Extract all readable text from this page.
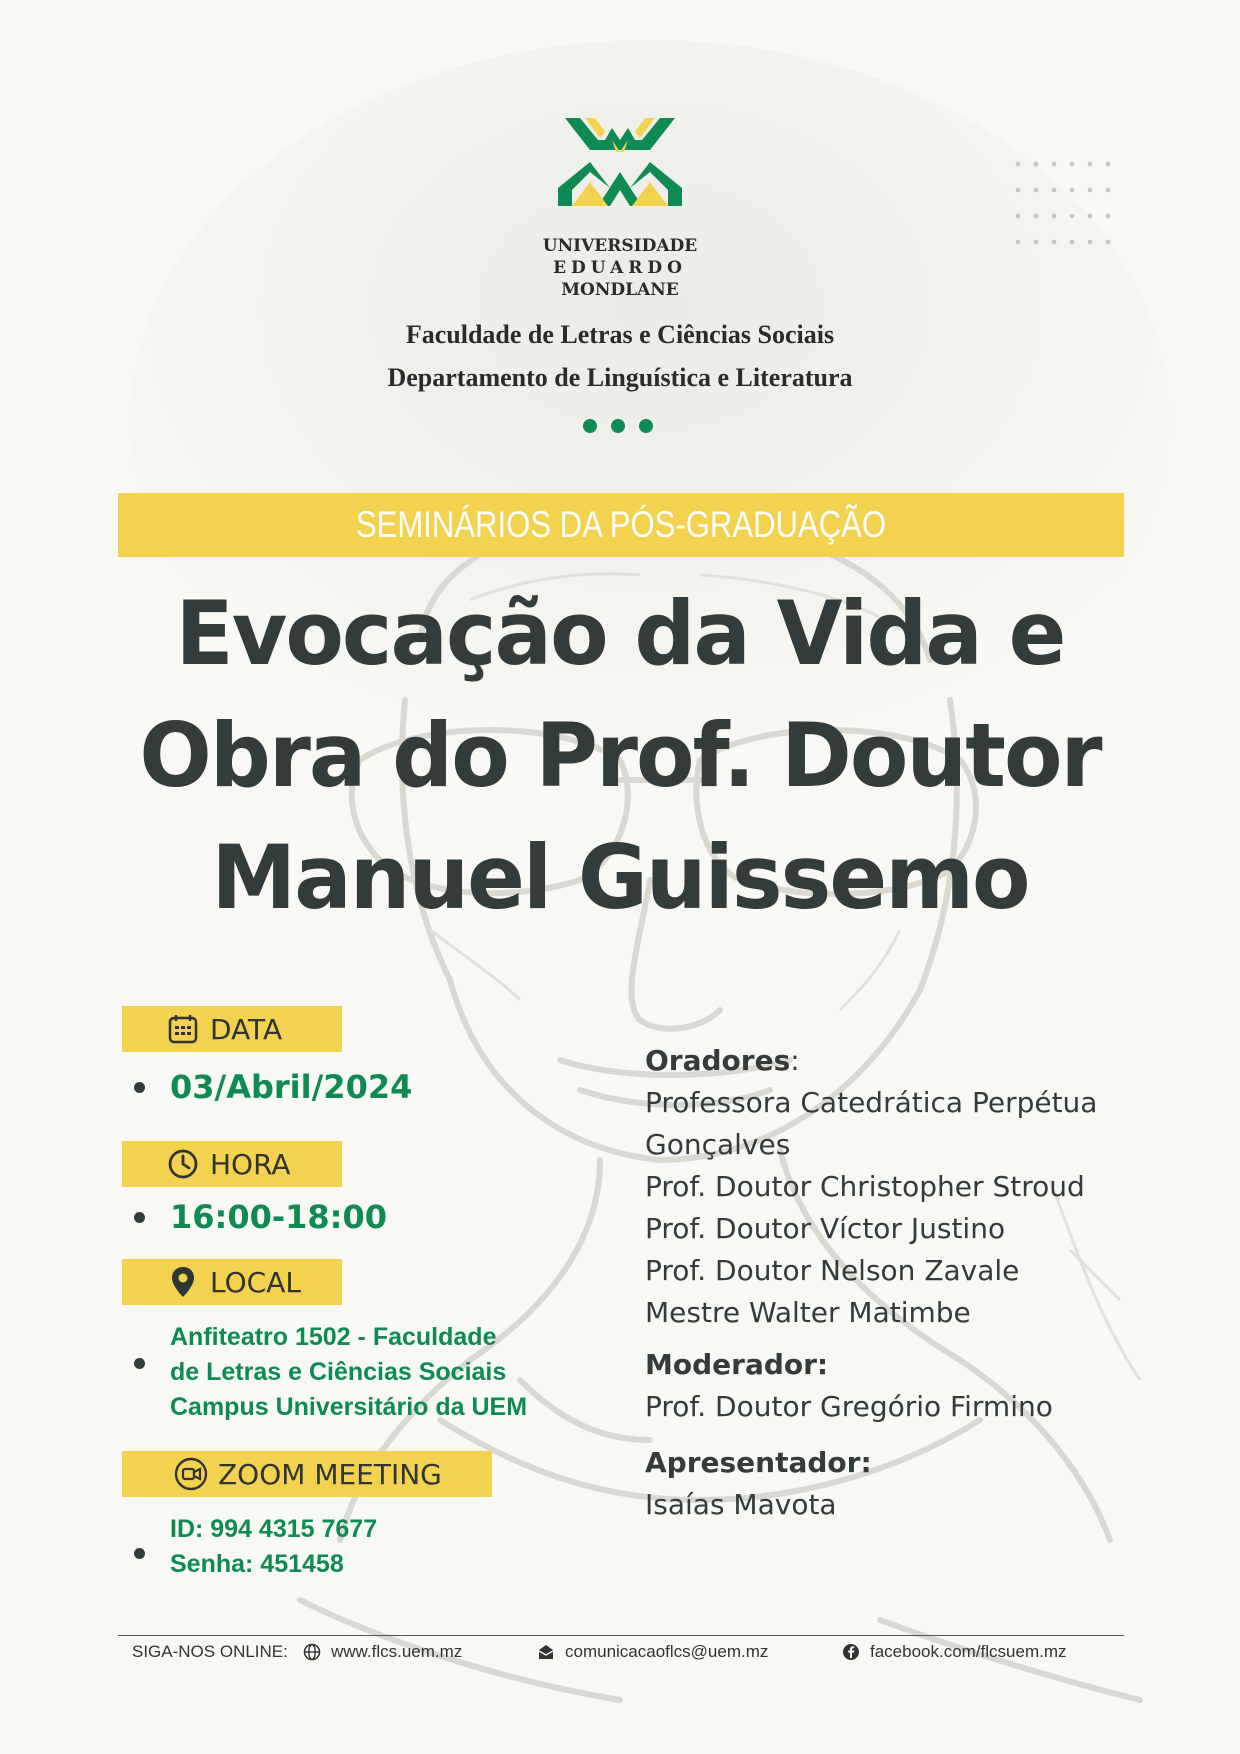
UNIVERSIDADE
EDUARDO
MONDLANE
Faculdade de Letras e Ciências Sociais
Departamento de Linguística e Literatura
SEMINÁRIOS DA PÓS-GRADUAÇÃO
Evocação da Vida e
Obra do Prof. Doutor
Manuel Guissemo
DATA
03/Abril/2024
HORA
16:00-18:00
LOCAL
Anfiteatro 1502 - Faculdade
de Letras e Ciências Sociais
Campus Universitário da UEM
ZOOM MEETING
ID: 994 4315 7677
Senha: 451458
Oradores:
Professora Catedrática Perpétua
Gonçalves
Prof. Doutor Christopher Stroud
Prof. Doutor Víctor Justino
Prof. Doutor Nelson Zavale
Mestre Walter Matimbe
Moderador:
Prof. Doutor Gregório Firmino
Apresentador:
Isaías Mavota
SIGA-NOS ONLINE:	www.flcs.uem.mz	comunicacaoflcs@uem.mz	facebook.com/flcsuem.mz
